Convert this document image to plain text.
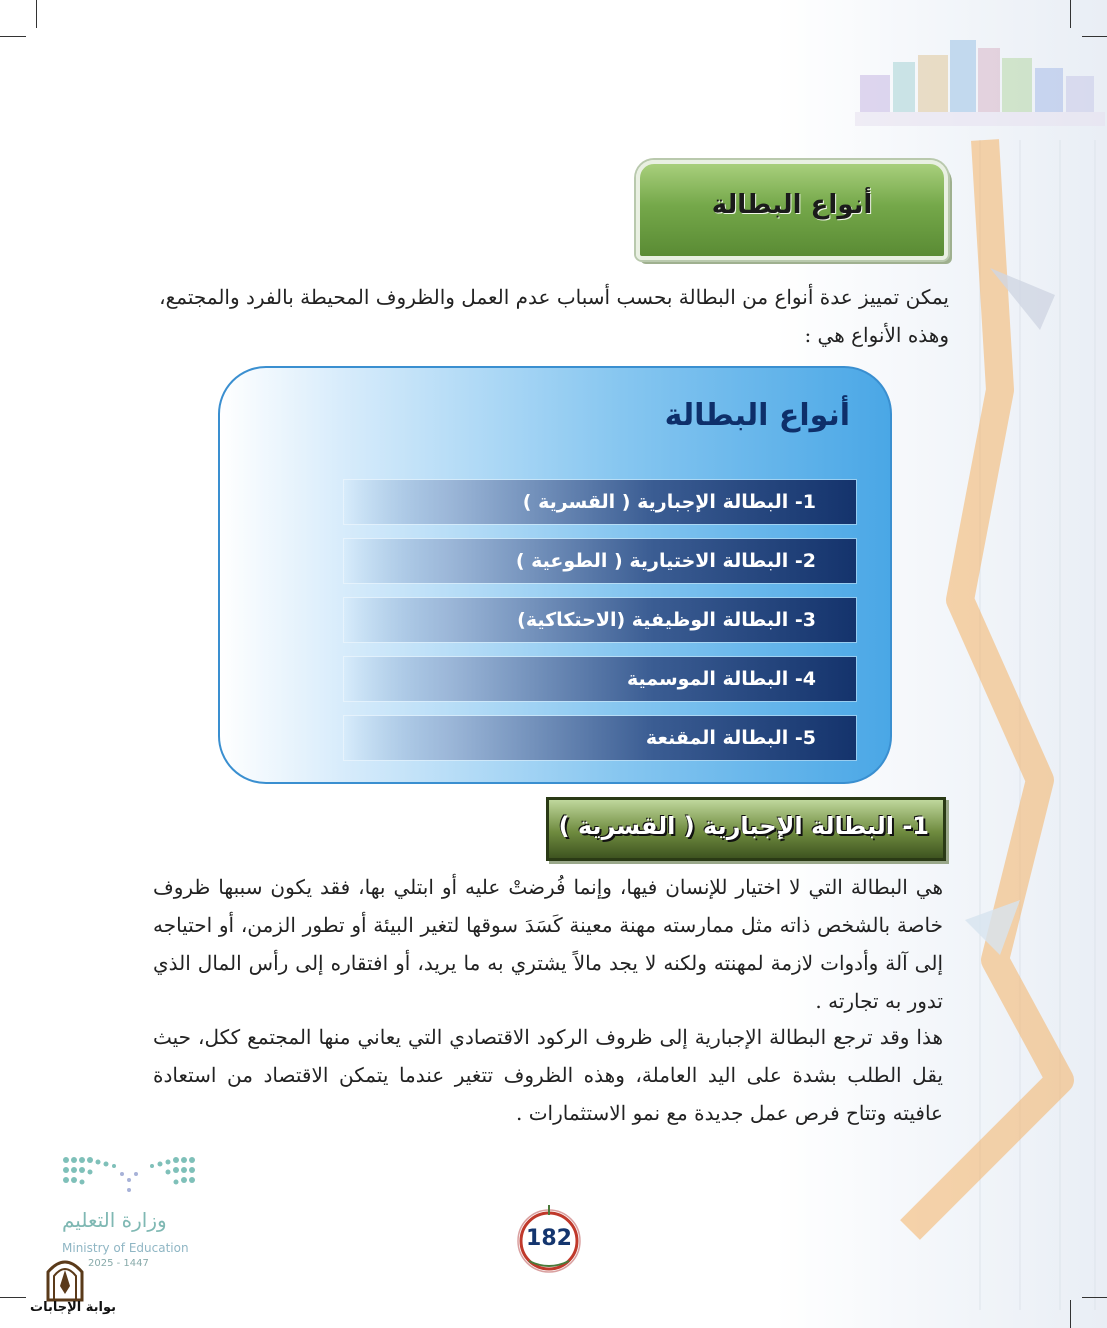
أنواع البطالة

يمكن تمييز عدة أنواع من البطالة بحسب أسباب عدم العمل والظروف المحيطة بالفرد والمجتمع، وهذه الأنواع هي :

أنواع البطالة
1- البطالة الإجبارية ( القسرية )
2- البطالة الاختيارية ( الطوعية )
3- البطالة الوظيفية (الاحتكاكية)
4- البطالة الموسمية
5- البطالة المقنعة
1- البطالة الإجبارية ( القسرية )

هي البطالة التي لا اختيار للإنسان فيها، وإنما فُرضتْ عليه أو ابتلي بها، فقد يكون سببها ظروف خاصة بالشخص ذاته مثل ممارسته مهنة معينة كَسَدَ سوقها لتغير البيئة أو تطور الزمن، أو احتياجه إلى آلة وأدوات لازمة لمهنته ولكنه لا يجد مالاً يشتري به ما يريد، أو افتقاره إلى رأس المال الذي تدور به تجارته .

هذا وقد ترجع البطالة الإجبارية إلى ظروف الركود الاقتصادي التي يعاني منها المجتمع ككل، حيث يقل الطلب بشدة على اليد العاملة، وهذه الظروف تتغير عندما يتمكن الاقتصاد من استعادة عافيته وتتاح فرص عمل جديدة مع نمو الاستثمارات .

وزارة التعليم
Ministry of Education
2025 - 1447
182
بوابة الإجابات
